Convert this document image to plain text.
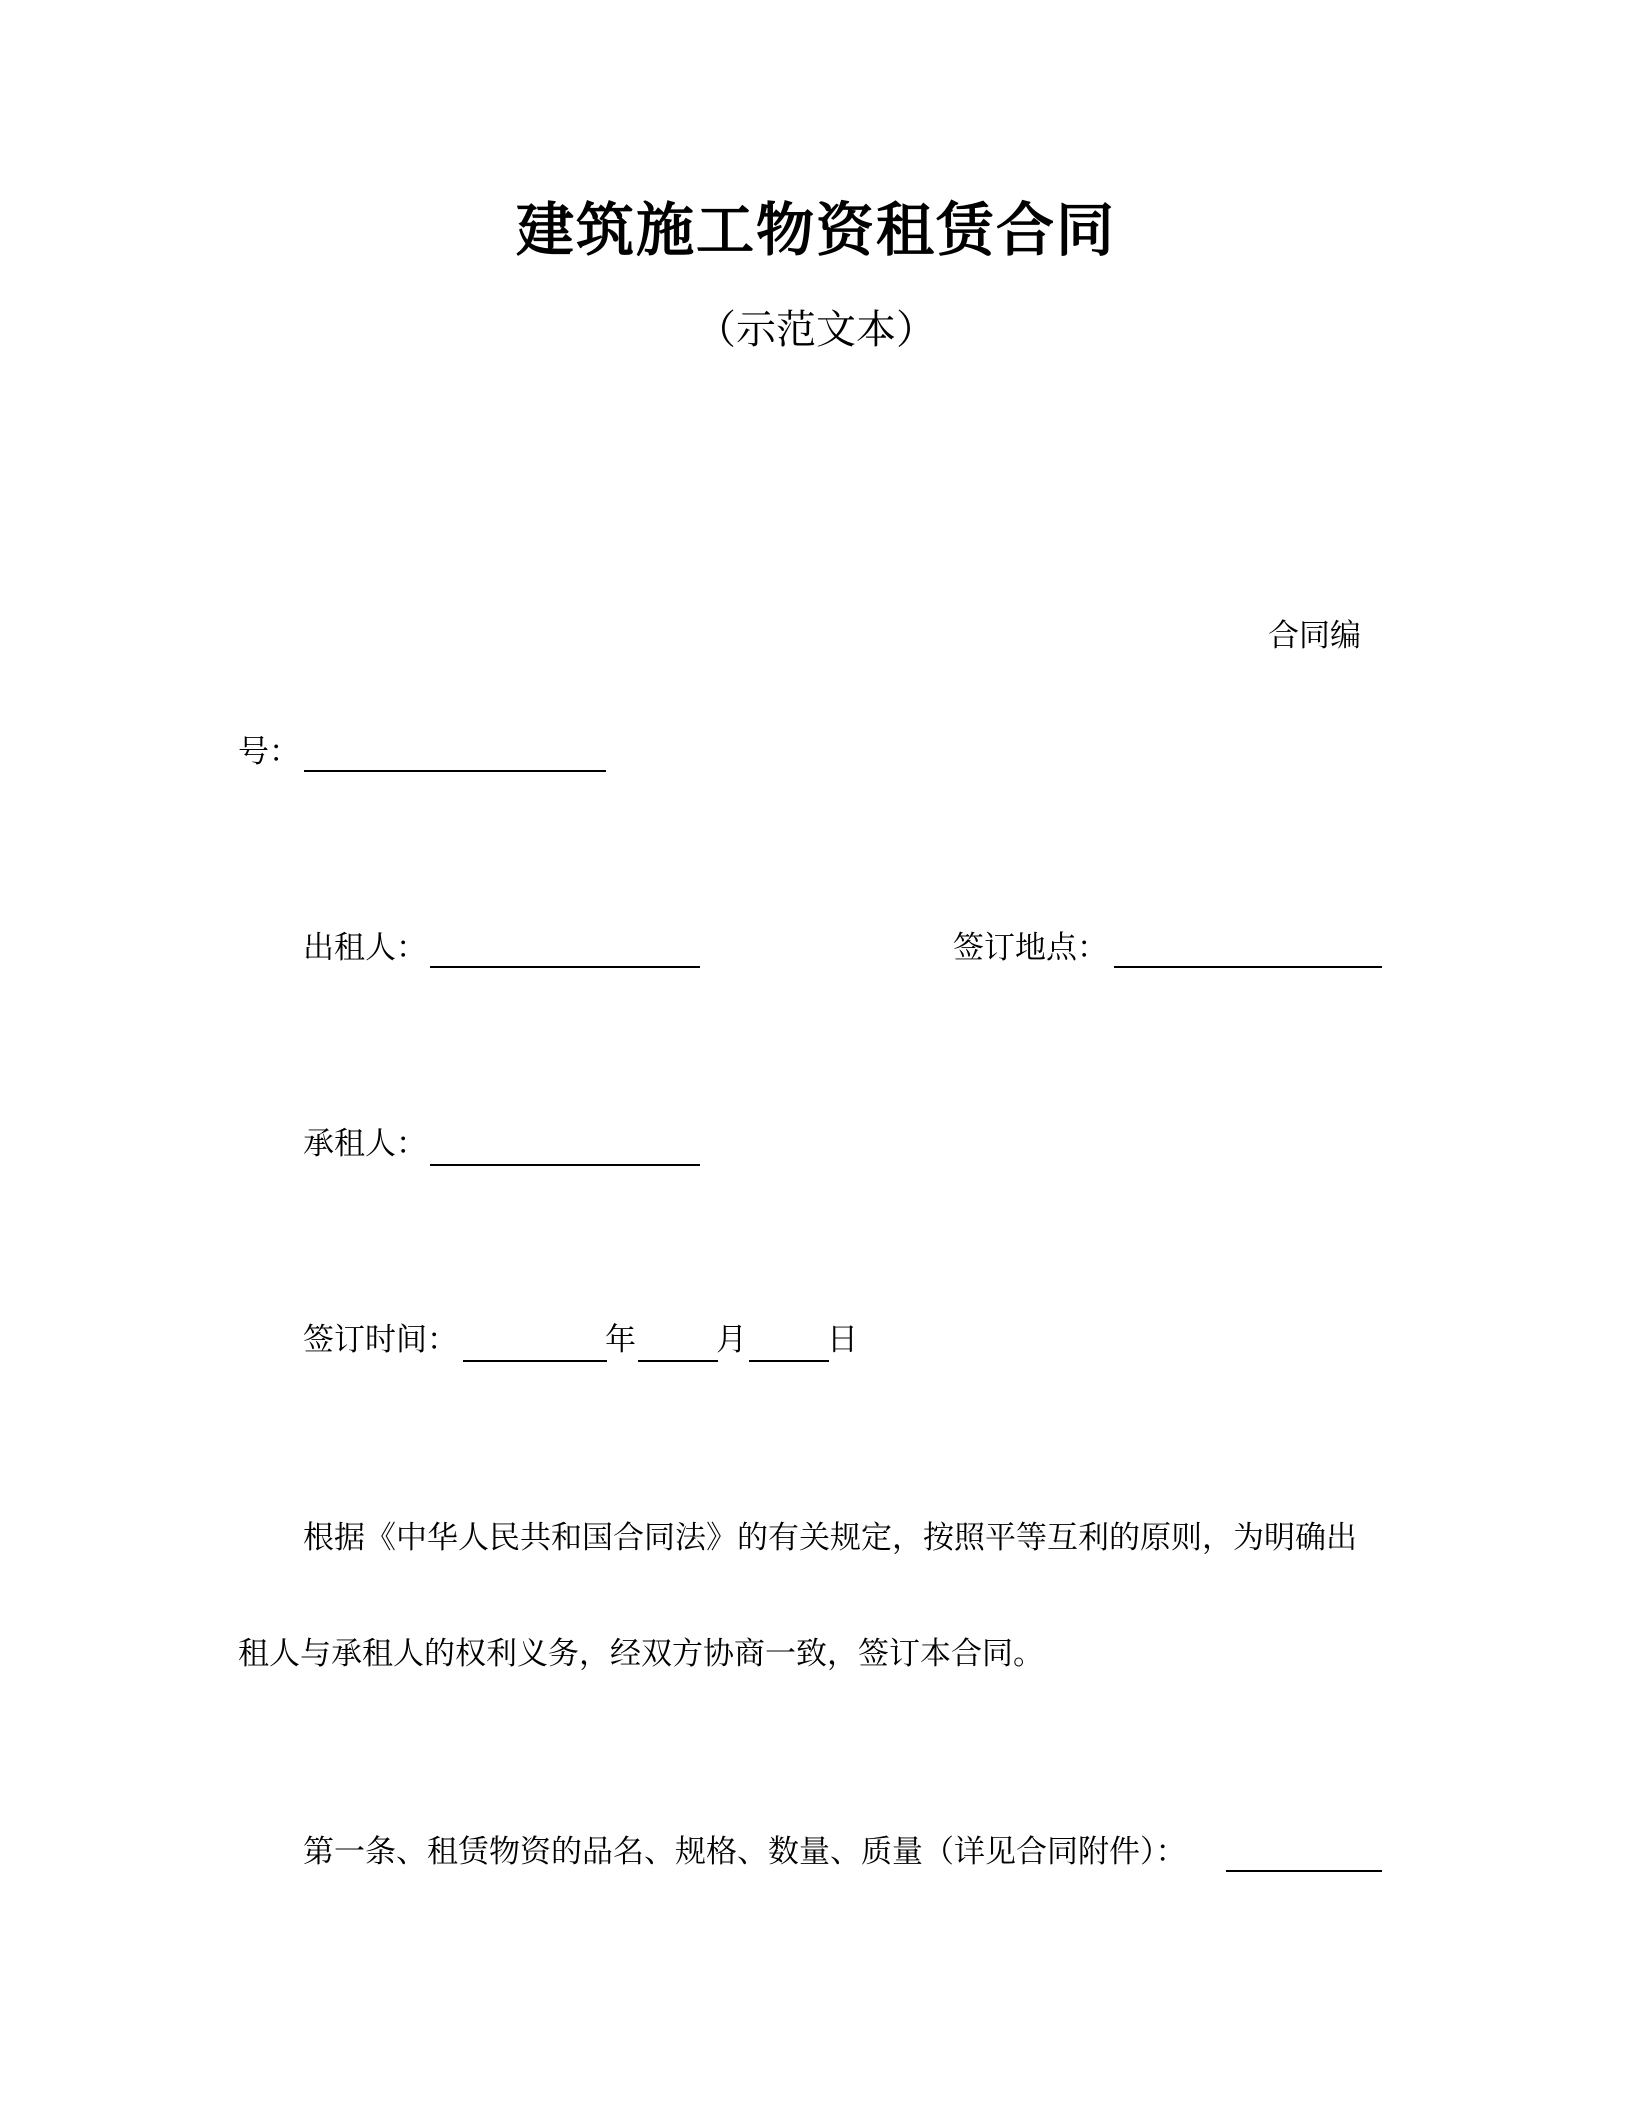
建筑施工物资租赁合同
（示范文本）
合同编
号：
出租人：	签订地点：
承租人：
签订时间：	年	月	日
根据《中华人民共和国合同法》的有关规定，按照平等互利的原则，为明确出
租人与承租人的权利义务，经双方协商一致，签订本合同。
第一条、租赁物资的品名、规格、数量、质量（详见合同附件）：
